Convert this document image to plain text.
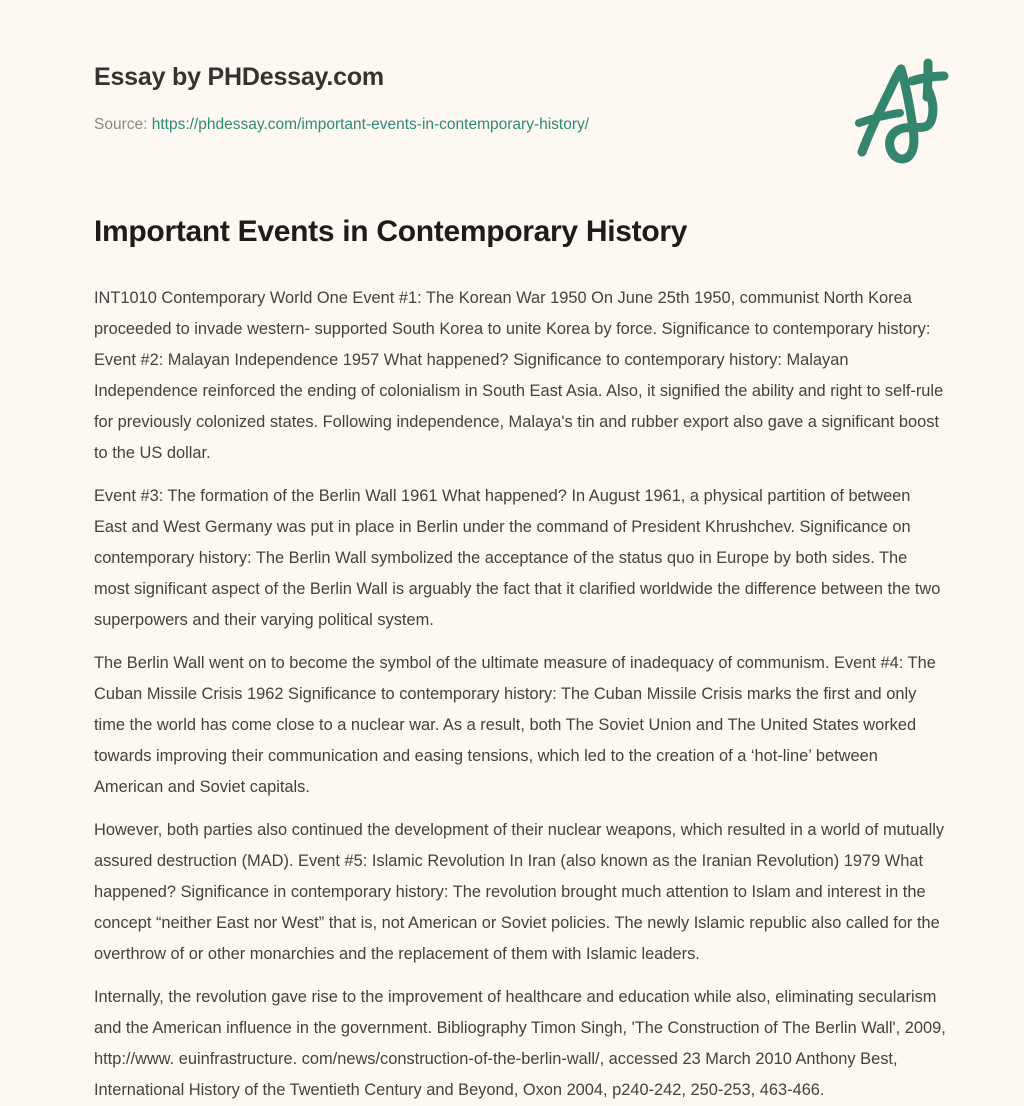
Essay by PHDessay.com
Source: https://phdessay.com/important-events-in-contemporary-history/
Important Events in Contemporary History

INT1010 Contemporary World One Event #1: The Korean War 1950 On June 25th 1950, communist North Korea proceeded to invade western- supported South Korea to unite Korea by force. Significance to contemporary history: Event #2: Malayan Independence 1957 What happened? Significance to contemporary history: Malayan Independence reinforced the ending of colonialism in South East Asia. Also, it signified the ability and right to self-rule for previously colonized states. Following independence, Malaya's tin and rubber export also gave a significant boost to the US dollar.

Event #3: The formation of the Berlin Wall 1961 What happened? In August 1961, a physical partition of between East and West Germany was put in place in Berlin under the command of President Khrushchev. Significance on contemporary history: The Berlin Wall symbolized the acceptance of the status quo in Europe by both sides. The most significant aspect of the Berlin Wall is arguably the fact that it clarified worldwide the difference between the two superpowers and their varying political system.

The Berlin Wall went on to become the symbol of the ultimate measure of inadequacy of communism. Event #4: The Cuban Missile Crisis 1962 Significance to contemporary history: The Cuban Missile Crisis marks the first and only time the world has come close to a nuclear war. As a result, both The Soviet Union and The United States worked towards improving their communication and easing tensions, which led to the creation of a ‘hot-line’ between American and Soviet capitals.

However, both parties also continued the development of their nuclear weapons, which resulted in a world of mutually assured destruction (MAD). Event #5: Islamic Revolution In Iran (also known as the Iranian Revolution) 1979 What happened? Significance in contemporary history: The revolution brought much attention to Islam and interest in the concept “neither East nor West” that is, not American or Soviet policies. The newly Islamic republic also called for the overthrow of or other monarchies and the replacement of them with Islamic leaders.

Internally, the revolution gave rise to the improvement of healthcare and education while also, eliminating secularism and the American influence in the government. Bibliography Timon Singh, 'The Construction of The Berlin Wall', 2009, http://www. euinfrastructure. com/news/construction-of-the-berlin-wall/, accessed 23 March 2010 Anthony Best, International History of the Twentieth Century and Beyond, Oxon 2004, p240-242, 250-253, 463-466.
